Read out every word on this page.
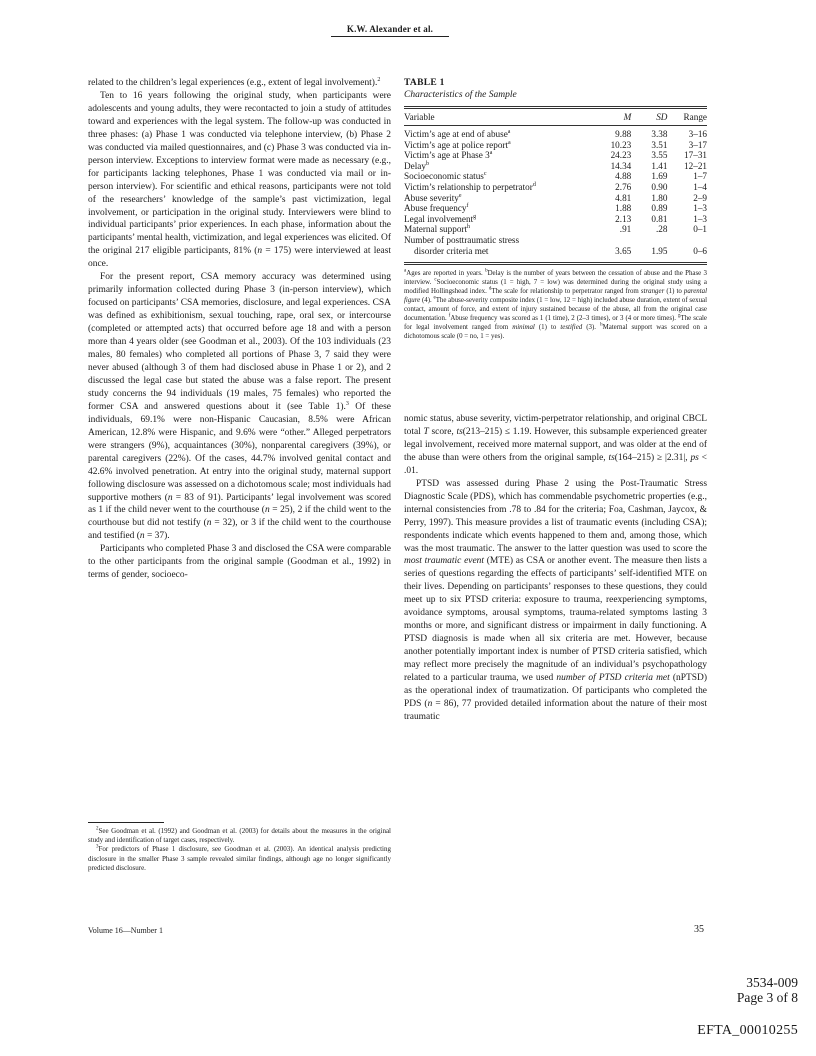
K.W. Alexander et al.

related to the children’s legal experiences (e.g., extent of legal involvement).$^2$

Ten to 16 years following the original study, when participants were adolescents and young adults, they were recontacted to join a study of attitudes toward and experiences with the legal system. The follow-up was conducted in three phases: (a) Phase 1 was conducted via telephone interview, (b) Phase 2 was conducted via mailed questionnaires, and (c) Phase 3 was conducted via in-person interview. Exceptions to interview format were made as necessary (e.g., for participants lacking telephones, Phase 1 was conducted via mail or in-person interview). For scientific and ethical reasons, participants were not told of the researchers’ knowledge of the sample’s past victimization, legal involvement, or participation in the original study. Interviewers were blind to individual participants’ prior experiences. In each phase, information about the participants’ mental health, victimization, and legal experiences was elicited. Of the original 217 eligible participants, 81% (n = 175) were interviewed at least once.

For the present report, CSA memory accuracy was determined using primarily information collected during Phase 3 (in-person interview), which focused on participants’ CSA memories, disclosure, and legal experiences. CSA was defined as exhibitionism, sexual touching, rape, oral sex, or intercourse (completed or attempted acts) that occurred before age 18 and with a person more than 4 years older (see Goodman et al., 2003). Of the 103 individuals (23 males, 80 females) who completed all portions of Phase 3, 7 said they were never abused (although 3 of them had disclosed abuse in Phase 1 or 2), and 2 discussed the legal case but stated the abuse was a false report. The present study concerns the 94 individuals (19 males, 75 females) who reported the former CSA and answered questions about it (see Table 1).$^3$ Of these individuals, 69.1% were non-Hispanic Caucasian, 8.5% were African American, 12.8% were Hispanic, and 9.6% were “other.” Alleged perpetrators were strangers (9%), acquaintances (30%), nonparental caregivers (39%), or parental caregivers (22%). Of the cases, 44.7% involved genital contact and 42.6% involved penetration. At entry into the original study, maternal support following disclosure was assessed on a dichotomous scale; most individuals had supportive mothers (n = 83 of 91). Participants’ legal involvement was scored as 1 if the child never went to the courthouse (n = 25), 2 if the child went to the courthouse but did not testify (n = 32), or 3 if the child went to the courthouse and testified (n = 37).

Participants who completed Phase 3 and disclosed the CSA were comparable to the other participants from the original sample (Goodman et al., 1992) in terms of gender, socioeco-

$^2$See Goodman et al. (1992) and Goodman et al. (2003) for details about the measures in the original study and identification of target cases, respectively.

$^3$For predictors of Phase 1 disclosure, see Goodman et al. (2003). An identical analysis predicting disclosure in the smaller Phase 3 sample revealed similar findings, although age no longer significantly predicted disclosure.

TABLE 1
Characteristics of the Sample
Variable	M	SD	Range

Victim’s age at end of abuse$^a$	9.88	3.38	3–16
Victim’s age at police report$^a$	10.23	3.51	3–17
Victim’s age at Phase 3$^a$	24.23	3.55	17–31
Delay$^b$	14.34	1.41	12–21
Socioeconomic status$^c$	4.88	1.69	1–7
Victim’s relationship to perpetrator$^d$	2.76	0.90	1–4
Abuse severity$^e$	4.81	1.80	2–9
Abuse frequency$^f$	1.88	0.89	1–3
Legal involvement$^g$	2.13	0.81	1–3
Maternal support$^h$	.91	.28	0–1
Number of posttraumatic stress			
disorder criteria met	3.65	1.95	0–6
$^a$Ages are reported in years. $^b$Delay is the number of years between the cessation of abuse and the Phase 3 interview. $^c$Socioeconomic status (1 = high, 7 = low) was determined during the original study using a modified Hollingshead index. $^d$The scale for relationship to perpetrator ranged from stranger (1) to parental figure (4). $^e$The abuse-severity composite index (1 = low, 12 = high) included abuse duration, extent of sexual contact, amount of force, and extent of injury sustained because of the abuse, all from the original case documentation. $^f$Abuse frequency was scored as 1 (1 time), 2 (2–3 times), or 3 (4 or more times). $^g$The scale for legal involvement ranged from minimal (1) to testified (3). $^h$Maternal support was scored on a dichotomous scale (0 = no, 1 = yes).

nomic status, abuse severity, victim-perpetrator relationship, and original CBCL total T score, ts(213–215) ≤ 1.19. However, this subsample experienced greater legal involvement, received more maternal support, and was older at the end of the abuse than were others from the original sample, ts(164–215) ≥ |2.31|, ps < .01.

PTSD was assessed during Phase 2 using the Post-Traumatic Stress Diagnostic Scale (PDS), which has commendable psychometric properties (e.g., internal consistencies from .78 to .84 for the criteria; Foa, Cashman, Jaycox, & Perry, 1997). This measure provides a list of traumatic events (including CSA); respondents indicate which events happened to them and, among those, which was the most traumatic. The answer to the latter question was used to score the most traumatic event (MTE) as CSA or another event. The measure then lists a series of questions regarding the effects of participants’ self-identified MTE on their lives. Depending on participants’ responses to these questions, they could meet up to six PTSD criteria: exposure to trauma, reexperiencing symptoms, avoidance symptoms, arousal symptoms, trauma-related symptoms lasting 3 months or more, and significant distress or impairment in daily functioning. A PTSD diagnosis is made when all six criteria are met. However, because another potentially important index is number of PTSD criteria satisfied, which may reflect more precisely the magnitude of an individual’s psychopathology related to a particular trauma, we used number of PTSD criteria met (nPTSD) as the operational index of traumatization. Of participants who completed the PDS (n = 86), 77 provided detailed information about the nature of their most traumatic

Volume 16—Number 1	35
3534-009
Page 3 of 8
EFTA_00010255
